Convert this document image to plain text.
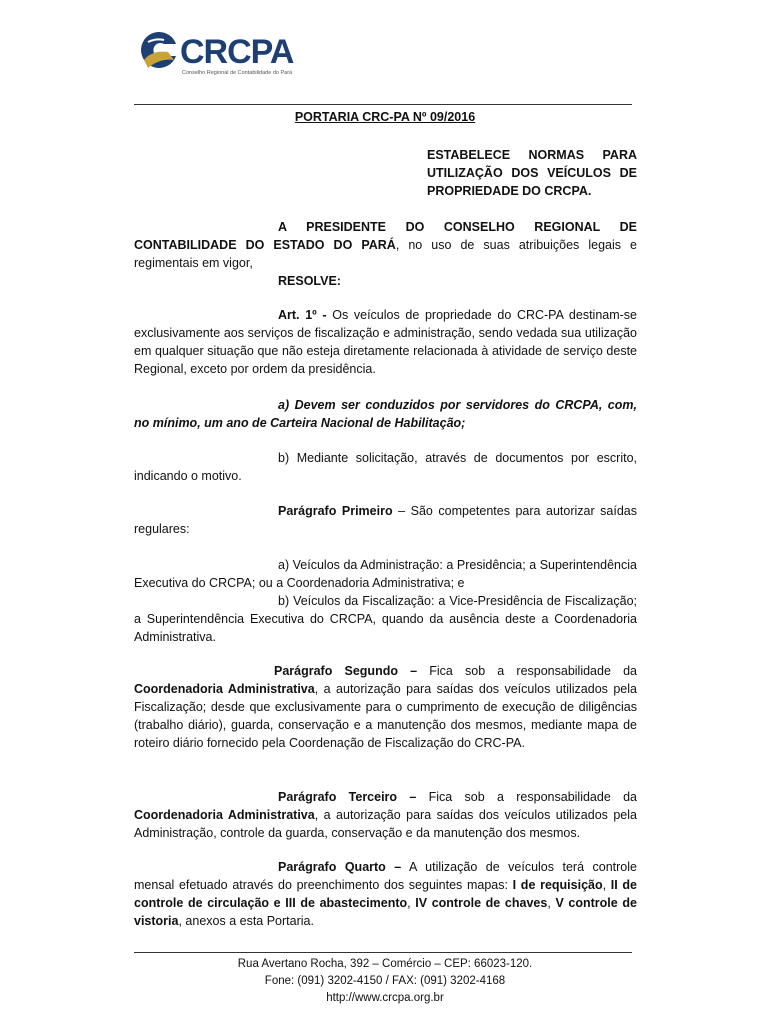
CRCPA
Conselho Regional de Contabilidade do Pará
PORTARIA CRC-PA Nº 09/2016
ESTABELECE NORMAS PARA
UTILIZAÇÃO DOS VEÍCULOS DE
PROPRIEDADE DO CRCPA.

A PRESIDENTE DO CONSELHO REGIONAL DE CONTABILIDADE DO ESTADO DO PARÁ, no uso de suas atribuições legais e regimentais em vigor,

RESOLVE:

Art. 1º - Os veículos de propriedade do CRC-PA destinam-se exclusivamente aos serviços de fiscalização e administração, sendo vedada sua utilização em qualquer situação que não esteja diretamente relacionada à atividade de serviço deste Regional, exceto por ordem da presidência.

a) Devem ser conduzidos por servidores do CRCPA, com, no mínimo, um ano de Carteira Nacional de Habilitação;

b) Mediante solicitação, através de documentos por escrito, indicando o motivo.

Parágrafo Primeiro – São competentes para autorizar saídas regulares:

a) Veículos da Administração: a Presidência; a Superintendência Executiva do CRCPA; ou a Coordenadoria Administrativa; e

b) Veículos da Fiscalização: a Vice-Presidência de Fiscalização; a Superintendência Executiva do CRCPA, quando da ausência deste a Coordenadoria Administrativa.

Parágrafo Segundo – Fica sob a responsabilidade da Coordenadoria Administrativa, a autorização para saídas dos veículos utilizados pela Fiscalização; desde que exclusivamente para o cumprimento de execução de diligências (trabalho diário), guarda, conservação e a manutenção dos mesmos, mediante mapa de roteiro diário fornecido pela Coordenação de Fiscalização do CRC-PA.

Parágrafo Terceiro – Fica sob a responsabilidade da Coordenadoria Administrativa, a autorização para saídas dos veículos utilizados pela Administração, controle da guarda, conservação e da manutenção dos mesmos.

Parágrafo Quarto – A utilização de veículos terá controle mensal efetuado através do preenchimento dos seguintes mapas: I de requisição, II de controle de circulação e III de abastecimento, IV controle de chaves, V controle de vistoria, anexos a esta Portaria.

Rua Avertano Rocha, 392 – Comércio – CEP: 66023-120.
Fone: (091) 3202-4150 / FAX: (091) 3202-4168
http://www.crcpa.org.br
